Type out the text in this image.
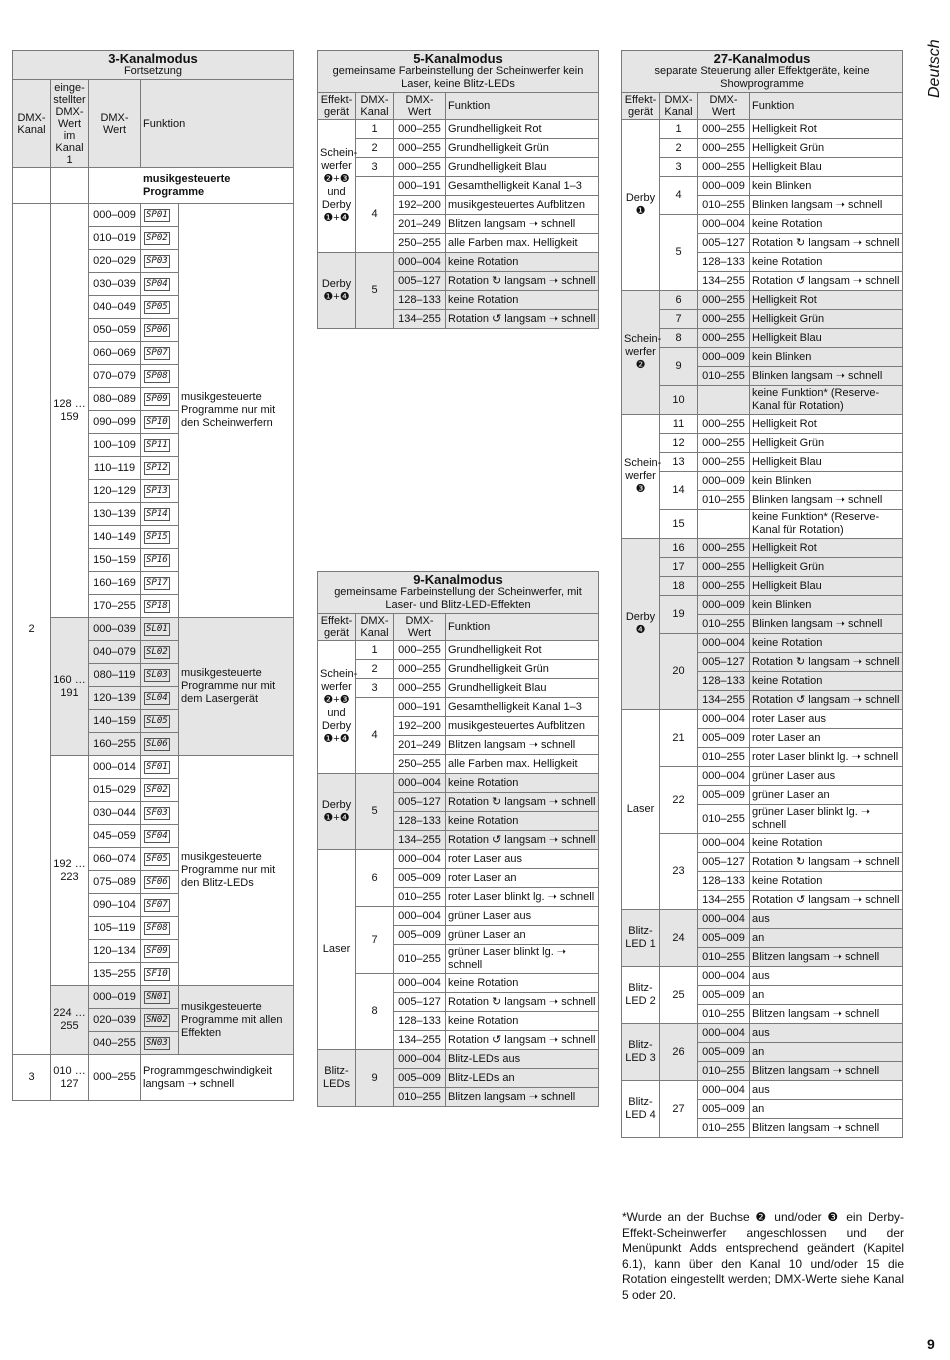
Deutsch
9
3-Kanalmodus
Fortsetzung				
DMX-Kanal	einge-stellter DMX-Wert im Kanal 1	DMX-Wert	Funktion	
		musikgesteuerte Programme		
2	128 … 159	000–009	SP01	musikgesteuerte Programme nur mit den Scheinwerfern
		010–019	SP02	
		020–029	SP03	
		030–039	SP04	
		040–049	SP05	
		050–059	SP06	
		060–069	SP07	
		070–079	SP08	
		080–089	SP09	
		090–099	SP10	
		100–109	SP11	
		110–119	SP12	
		120–129	SP13	
		130–139	SP14	
		140–149	SP15	
		150–159	SP16	
		160–169	SP17	
		170–255	SP18	
	160 … 191	000–039	SL01	musikgesteuerte Programme nur mit dem Lasergerät
		040–079	SL02	
		080–119	SL03	
		120–139	SL04	
		140–159	SL05	
		160–255	SL06	
	192 … 223	000–014	SF01	musikgesteuerte Programme nur mit den Blitz-LEDs
		015–029	SF02	
		030–044	SF03	
		045–059	SF04	
		060–074	SF05	
		075–089	SF06	
		090–104	SF07	
		105–119	SF08	
		120–134	SF09	
		135–255	SF10	
	224 … 255	000–019	SN01	musikgesteuerte Programme mit allen Effekten
		020–039	SN02	
		040–255	SN03	
3	010 … 127	000–255	Programmgeschwindigkeit langsam ➝ schnell	
5-Kanalmodus
gemeinsame Farbeinstellung der Scheinwerfer kein Laser, keine Blitz-LEDs			
Effekt-gerät	DMX-Kanal	DMX-Wert	Funktion
Schein-werfer ❷+❸ und Derby ❶+❹	1	000–255	Grundhelligkeit Rot
	2	000–255	Grundhelligkeit Grün
	3	000–255	Grundhelligkeit Blau
	4	000–191	Gesamthelligkeit Kanal 1–3
		192–200	musikgesteuertes Aufblitzen
		201–249	Blitzen langsam ➝ schnell
		250–255	alle Farben max. Helligkeit
Derby ❶+❹	5	000–004	keine Rotation
		005–127	Rotation ↻ langsam ➝ schnell
		128–133	keine Rotation
		134–255	Rotation ↺ langsam ➝ schnell
9-Kanalmodus
gemeinsame Farbeinstellung der Scheinwerfer, mit Laser- und Blitz-LED-Effekten			
Effekt-gerät	DMX-Kanal	DMX-Wert	Funktion
Schein-werfer ❷+❸ und Derby ❶+❹	1	000–255	Grundhelligkeit Rot
	2	000–255	Grundhelligkeit Grün
	3	000–255	Grundhelligkeit Blau
	4	000–191	Gesamthelligkeit Kanal 1–3
		192–200	musikgesteuertes Aufblitzen
		201–249	Blitzen langsam ➝ schnell
		250–255	alle Farben max. Helligkeit
Derby ❶+❹	5	000–004	keine Rotation
		005–127	Rotation ↻ langsam ➝ schnell
		128–133	keine Rotation
		134–255	Rotation ↺ langsam ➝ schnell
Laser	6	000–004	roter Laser aus
		005–009	roter Laser an
		010–255	roter Laser blinkt lg. ➝ schnell
	7	000–004	grüner Laser aus
		005–009	grüner Laser an
		010–255	grüner Laser blinkt lg. ➝ schnell
	8	000–004	keine Rotation
		005–127	Rotation ↻ langsam ➝ schnell
		128–133	keine Rotation
		134–255	Rotation ↺ langsam ➝ schnell
Blitz-LEDs	9	000–004	Blitz-LEDs aus
		005–009	Blitz-LEDs an
		010–255	Blitzen langsam ➝ schnell
27-Kanalmodus
separate Steuerung aller Effektgeräte, keine Showprogramme			
Effekt-gerät	DMX-Kanal	DMX-Wert	Funktion
Derby ❶	1	000–255	Helligkeit Rot
	2	000–255	Helligkeit Grün
	3	000–255	Helligkeit Blau
	4	000–009	kein Blinken
		010–255	Blinken langsam ➝ schnell
	5	000–004	keine Rotation
		005–127	Rotation ↻ langsam ➝ schnell
		128–133	keine Rotation
		134–255	Rotation ↺ langsam ➝ schnell
Schein-werfer ❷	6	000–255	Helligkeit Rot
	7	000–255	Helligkeit Grün
	8	000–255	Helligkeit Blau
	9	000–009	kein Blinken
		010–255	Blinken langsam ➝ schnell
	10		keine Funktion* (Reserve-Kanal für Rotation)
Schein-werfer ❸	11	000–255	Helligkeit Rot
	12	000–255	Helligkeit Grün
	13	000–255	Helligkeit Blau
	14	000–009	kein Blinken
		010–255	Blinken langsam ➝ schnell
	15		keine Funktion* (Reserve-Kanal für Rotation)
Derby ❹	16	000–255	Helligkeit Rot
	17	000–255	Helligkeit Grün
	18	000–255	Helligkeit Blau
	19	000–009	kein Blinken
		010–255	Blinken langsam ➝ schnell
	20	000–004	keine Rotation
		005–127	Rotation ↻ langsam ➝ schnell
		128–133	keine Rotation
		134–255	Rotation ↺ langsam ➝ schnell
Laser	21	000–004	roter Laser aus
		005–009	roter Laser an
		010–255	roter Laser blinkt lg. ➝ schnell
	22	000–004	grüner Laser aus
		005–009	grüner Laser an
		010–255	grüner Laser blinkt lg. ➝ schnell
	23	000–004	keine Rotation
		005–127	Rotation ↻ langsam ➝ schnell
		128–133	keine Rotation
		134–255	Rotation ↺ langsam ➝ schnell
Blitz-LED 1	24	000–004	aus
		005–009	an
		010–255	Blitzen langsam ➝ schnell
Blitz-LED 2	25	000–004	aus
		005–009	an
		010–255	Blitzen langsam ➝ schnell
Blitz-LED 3	26	000–004	aus
		005–009	an
		010–255	Blitzen langsam ➝ schnell
Blitz-LED 4	27	000–004	aus
		005–009	an
		010–255	Blitzen langsam ➝ schnell
*Wurde an der Buchse ❷ und/oder ❸ ein Derby-Effekt-Scheinwerfer angeschlossen und der Menüpunkt Adds entsprechend geändert (Kapitel 6.1), kann über den Kanal 10 und/oder 15 die Rotation eingestellt werden; DMX-Werte siehe Kanal 5 oder 20.
